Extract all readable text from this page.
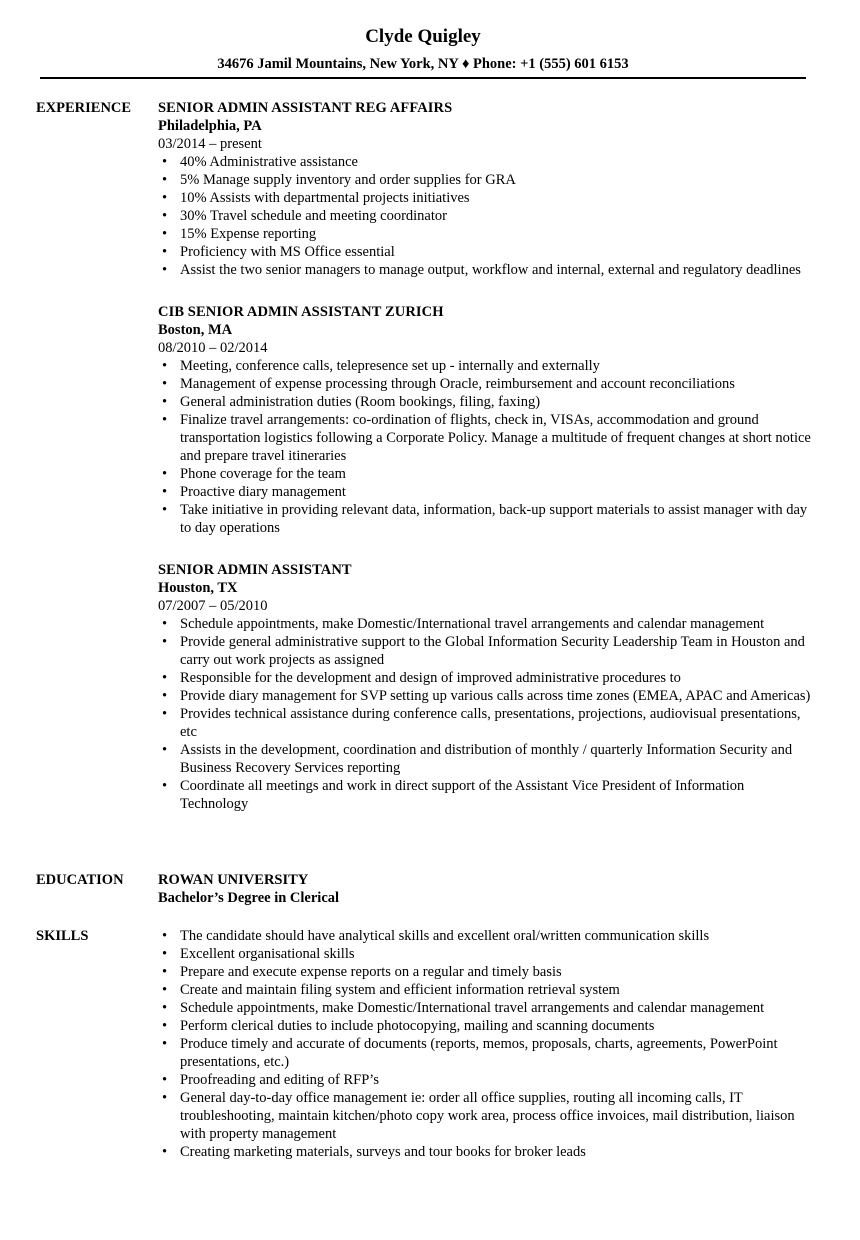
Clyde Quigley
34676 Jamil Mountains, New York, NY ♦ Phone: +1 (555) 601 6153
EXPERIENCE	SENIOR ADMIN ASSISTANT REG AFFAIRS
Philadelphia, PA
03/2014 – present
• 40% Administrative assistance
• 5% Manage supply inventory and order supplies for GRA
• 10% Assists with departmental projects initiatives
• 30% Travel schedule and meeting coordinator
• 15% Expense reporting
• Proficiency with MS Office essential
• Assist the two senior managers to manage output, workflow and internal, external and regulatory deadlines
CIB SENIOR ADMIN ASSISTANT ZURICH
Boston, MA
08/2010 – 02/2014
• Meeting, conference calls, telepresence set up - internally and externally
• Management of expense processing through Oracle, reimbursement and account reconciliations
• General administration duties (Room bookings, filing, faxing)
• Finalize travel arrangements: co-ordination of flights, check in, VISAs, accommodation and ground transportation logistics following a Corporate Policy. Manage a multitude of frequent changes at short notice and prepare travel itineraries
• Phone coverage for the team
• Proactive diary management
• Take initiative in providing relevant data, information, back-up support materials to assist manager with day to day operations
SENIOR ADMIN ASSISTANT
Houston, TX
07/2007 – 05/2010
• Schedule appointments, make Domestic/International travel arrangements and calendar management
• Provide general administrative support to the Global Information Security Leadership Team in Houston and carry out work projects as assigned
• Responsible for the development and design of improved administrative procedures to
• Provide diary management for SVP setting up various calls across time zones (EMEA, APAC and Americas)
• Provides technical assistance during conference calls, presentations, projections, audiovisual presentations, etc
• Assists in the development, coordination and distribution of monthly / quarterly Information Security and Business Recovery Services reporting
• Coordinate all meetings and work in direct support of the Assistant Vice President of Information Technology
EDUCATION	ROWAN UNIVERSITY
Bachelor’s Degree in Clerical
SKILLS
•	The candidate should have analytical skills and excellent oral/written communication skills
• Excellent organisational skills
• Prepare and execute expense reports on a regular and timely basis
• Create and maintain filing system and efficient information retrieval system
• Schedule appointments, make Domestic/International travel arrangements and calendar management
• Perform clerical duties to include photocopying, mailing and scanning documents
• Produce timely and accurate of documents (reports, memos, proposals, charts, agreements, PowerPoint presentations, etc.)
• Proofreading and editing of RFP’s
• General day-to-day office management ie: order all office supplies, routing all incoming calls, IT troubleshooting, maintain kitchen/photo copy work area, process office invoices, mail distribution, liaison with property management
• Creating marketing materials, surveys and tour books for broker leads
